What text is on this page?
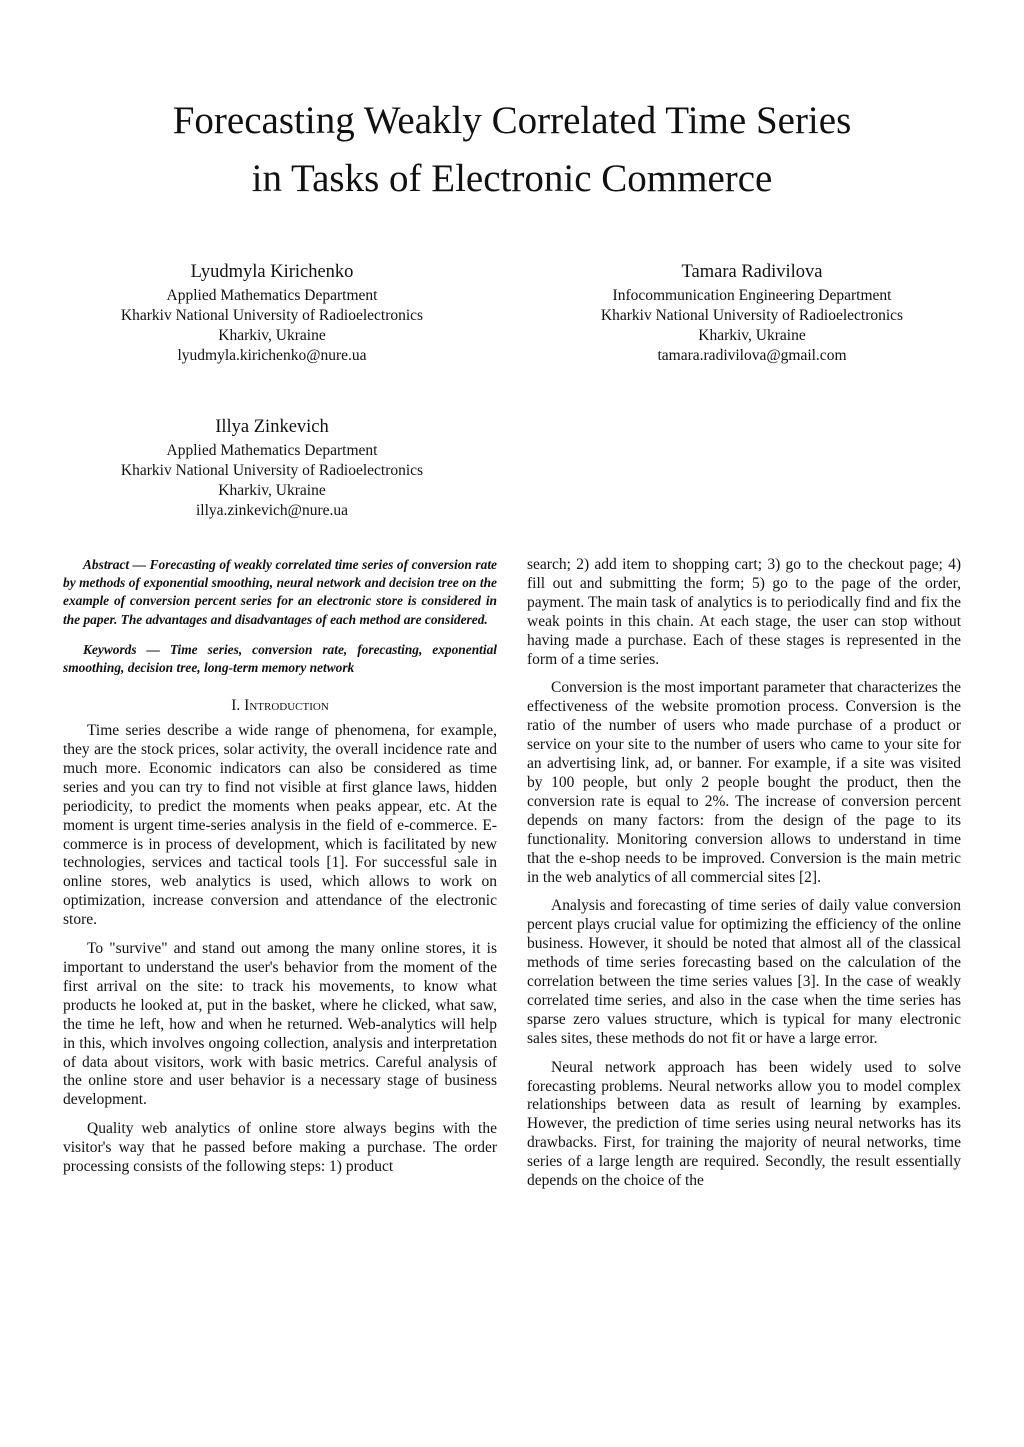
Forecasting Weakly Correlated Time Series
in Tasks of Electronic Commerce
Lyudmyla Kirichenko
Applied Mathematics Department
Kharkiv National University of Radioelectronics
Kharkiv, Ukraine
lyudmyla.kirichenko@nure.ua
Tamara Radivilova
Infocommunication Engineering Department
Kharkiv National University of Radioelectronics
Kharkiv, Ukraine
tamara.radivilova@gmail.com
Illya Zinkevich
Applied Mathematics Department
Kharkiv National University of Radioelectronics
Kharkiv, Ukraine
illya.zinkevich@nure.ua

Abstract — Forecasting of weakly correlated time series of conversion rate by methods of exponential smoothing, neural network and decision tree on the example of conversion percent series for an electronic store is considered in the paper. The advantages and disadvantages of each method are considered.

Keywords — Time series, conversion rate, forecasting, exponential smoothing, decision tree, long-term memory network

I. Introduction

Time series describe a wide range of phenomena, for example, they are the stock prices, solar activity, the overall incidence rate and much more. Economic indicators can also be considered as time series and you can try to find not visible at first glance laws, hidden periodicity, to predict the moments when peaks appear, etc. At the moment is urgent time-series analysis in the field of e-commerce. E-commerce is in process of development, which is facilitated by new technologies, services and tactical tools [1]. For successful sale in online stores, web analytics is used, which allows to work on optimization, increase conversion and attendance of the electronic store.

To "survive" and stand out among the many online stores, it is important to understand the user's behavior from the moment of the first arrival on the site: to track his movements, to know what products he looked at, put in the basket, where he clicked, what saw, the time he left, how and when he returned. Web-analytics will help in this, which involves ongoing collection, analysis and interpretation of data about visitors, work with basic metrics. Careful analysis of the online store and user behavior is a necessary stage of business development.

Quality web analytics of online store always begins with the visitor's way that he passed before making a purchase. The order processing consists of the following steps: 1) product

search; 2) add item to shopping cart; 3) go to the checkout page; 4) fill out and submitting the form; 5) go to the page of the order, payment. The main task of analytics is to periodically find and fix the weak points in this chain. At each stage, the user can stop without having made a purchase. Each of these stages is represented in the form of a time series.

Conversion is the most important parameter that characterizes the effectiveness of the website promotion process. Conversion is the ratio of the number of users who made purchase of a product or service on your site to the number of users who came to your site for an advertising link, ad, or banner. For example, if a site was visited by 100 people, but only 2 people bought the product, then the conversion rate is equal to 2%. The increase of conversion percent depends on many factors: from the design of the page to its functionality. Monitoring conversion allows to understand in time that the e-shop needs to be improved. Conversion is the main metric in the web analytics of all commercial sites [2].

Analysis and forecasting of time series of daily value conversion percent plays crucial value for optimizing the efficiency of the online business. However, it should be noted that almost all of the classical methods of time series forecasting based on the calculation of the correlation between the time series values [3]. In the case of weakly correlated time series, and also in the case when the time series has sparse zero values structure, which is typical for many electronic sales sites, these methods do not fit or have a large error.

Neural network approach has been widely used to solve forecasting problems. Neural networks allow you to model complex relationships between data as result of learning by examples. However, the prediction of time series using neural networks has its drawbacks. First, for training the majority of neural networks, time series of a large length are required. Secondly, the result essentially depends on the choice of the
